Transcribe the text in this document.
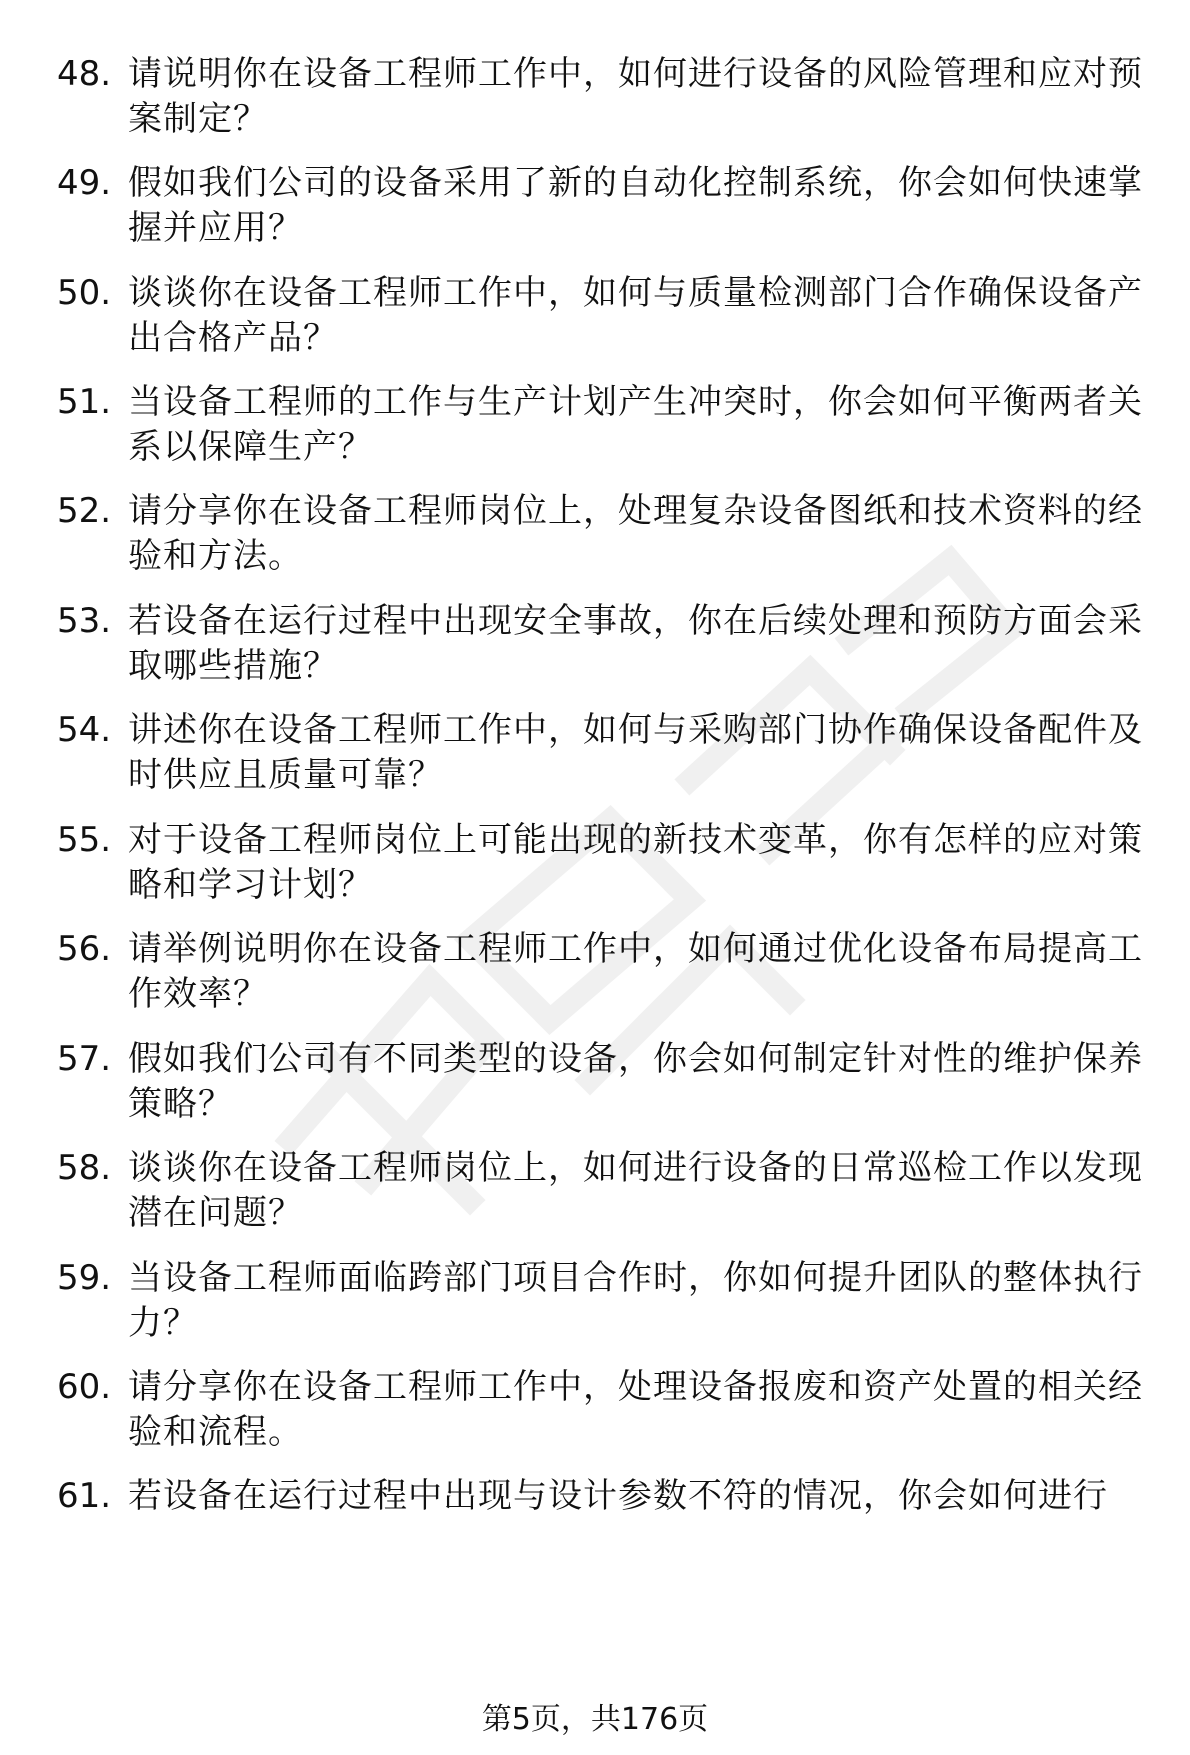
48. 请说明你在设备工程师工作中，如何进行设备的风险管理和应对预案制定？
49. 假如我们公司的设备采用了新的自动化控制系统，你会如何快速掌握并应用？
50. 谈谈你在设备工程师工作中，如何与质量检测部门合作确保设备产出合格产品？
51. 当设备工程师的工作与生产计划产生冲突时，你会如何平衡两者关系以保障生产？
52. 请分享你在设备工程师岗位上，处理复杂设备图纸和技术资料的经验和方法。
53. 若设备在运行过程中出现安全事故，你在后续处理和预防方面会采取哪些措施？
54. 讲述你在设备工程师工作中，如何与采购部门协作确保设备配件及时供应且质量可靠？
55. 对于设备工程师岗位上可能出现的新技术变革，你有怎样的应对策略和学习计划？
56. 请举例说明你在设备工程师工作中，如何通过优化设备布局提高工作效率？
57. 假如我们公司有不同类型的设备，你会如何制定针对性的维护保养策略？
58. 谈谈你在设备工程师岗位上，如何进行设备的日常巡检工作以发现潜在问题？
59. 当设备工程师面临跨部门项目合作时，你如何提升团队的整体执行力？
60. 请分享你在设备工程师工作中，处理设备报废和资产处置的相关经验和流程。
61. 若设备在运行过程中出现与设计参数不符的情况，你会如何进行
第5页，共176页
